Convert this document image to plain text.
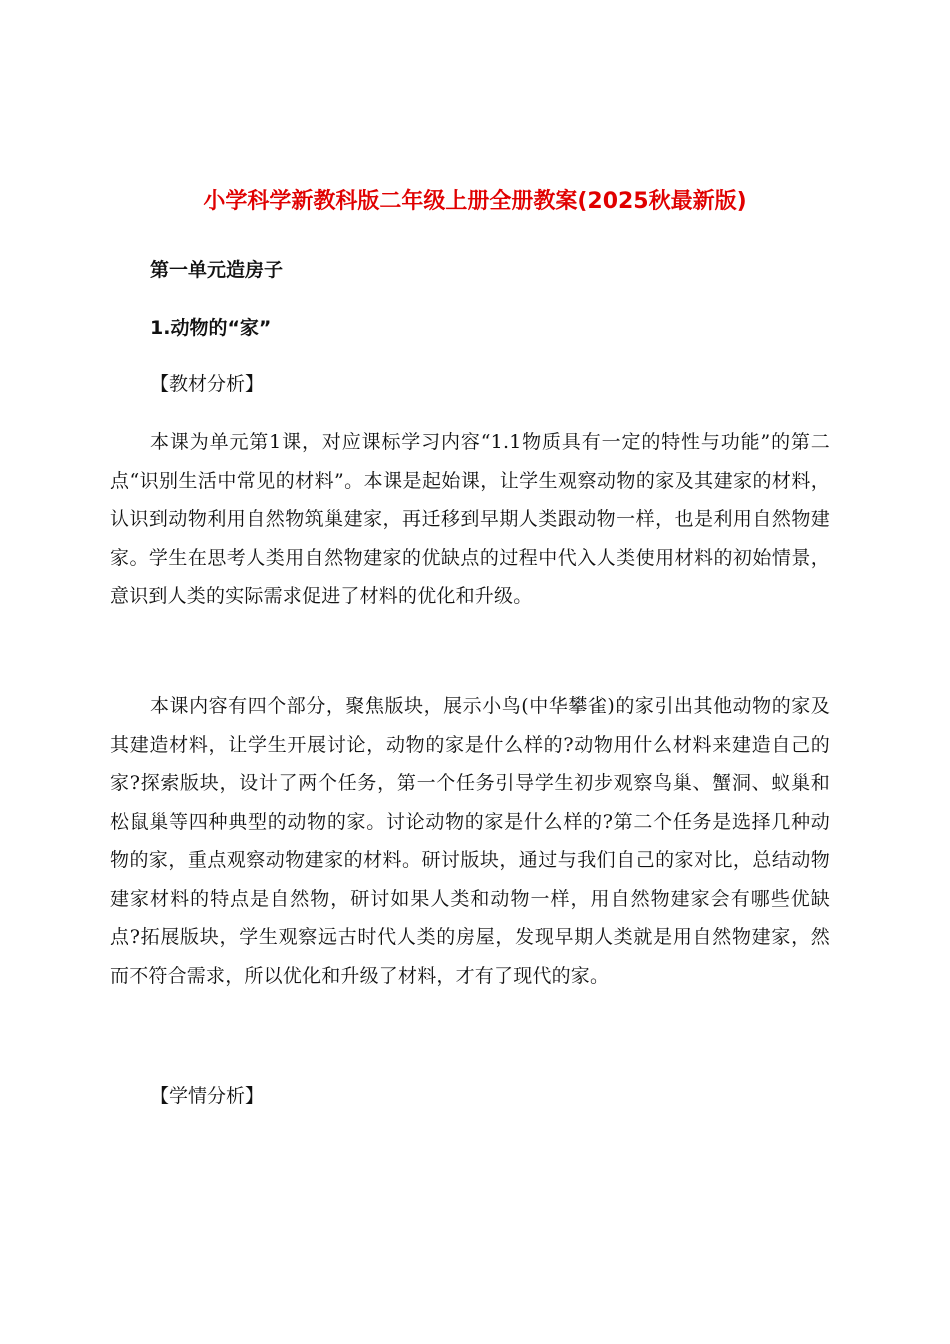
小学科学新教科版二年级上册全册教案(2025秋最新版)
第一单元造房子
1.动物的“家”

【教材分析】

本课为单元第1课，对应课标学习内容“1.1物质具有一定的特性与功能”的第二点“识别生活中常见的材料”。本课是起始课，让学生观察动物的家及其建家的材料，认识到动物利用自然物筑巢建家，再迁移到早期人类跟动物一样，也是利用自然物建家。学生在思考人类用自然物建家的优缺点的过程中代入人类使用材料的初始情景，意识到人类的实际需求促进了材料的优化和升级。

本课内容有四个部分，聚焦版块，展示小鸟(中华攀雀)的家引出其他动物的家及其建造材料，让学生开展讨论，动物的家是什么样的?动物用什么材料来建造自己的家?探索版块，设计了两个任务，第一个任务引导学生初步观察鸟巢、蟹洞、蚁巢和松鼠巢等四种典型的动物的家。讨论动物的家是什么样的?第二个任务是选择几种动物的家，重点观察动物建家的材料。研讨版块，通过与我们自己的家对比，总结动物建家材料的特点是自然物，研讨如果人类和动物一样，用自然物建家会有哪些优缺点?拓展版块，学生观察远古时代人类的房屋，发现早期人类就是用自然物建家，然而不符合需求，所以优化和升级了材料，才有了现代的家。

【学情分析】
